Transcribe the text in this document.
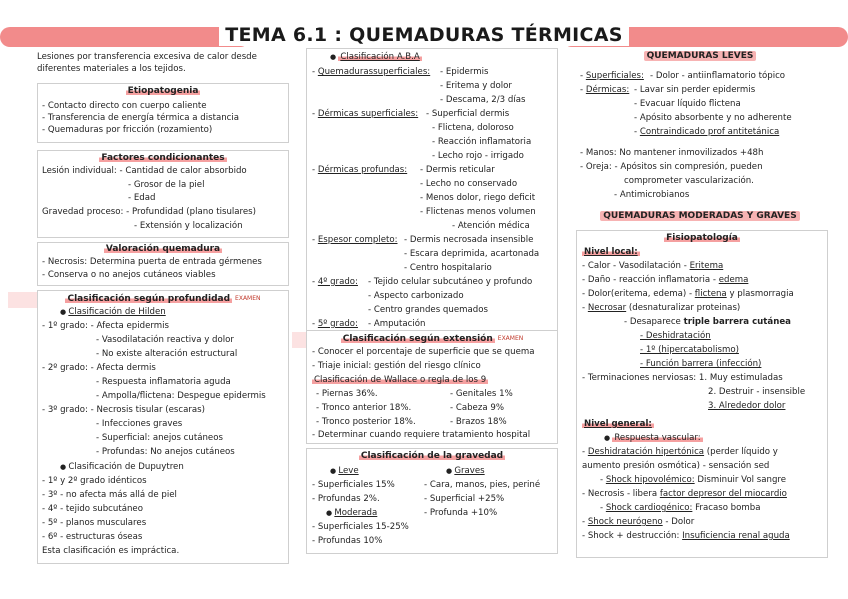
TEMA 6.1 : QUEMADURAS TÉRMICAS
Lesiones por transferencia excesiva de calor desde
diferentes materiales a los tejidos.
Etiopatogenia
- Contacto directo con cuerpo caliente
- Transferencia de energía térmica a distancia
- Quemaduras por fricción (rozamiento)
Factores condicionantes
Lesión individual: - Cantidad de calor absorbido
- Grosor de la piel
- Edad
Gravedad proceso: - Profundidad (plano tisulares)
- Extensión y localización
Valoración quemadura
- Necrosis: Determina puerta de entrada gérmenes
- Conserva o no anejos cutáneos viables
Clasificación según profundidad EXAMEN
● Clasificación de Hilden
- 1º grado: - Afecta epidermis
- Vasodilatación reactiva y dolor
- No existe alteración estructural
- 2º grado: - Afecta dermis
- Respuesta inflamatoria aguda
- Ampolla/flictena: Despegue epidermis
- 3º grado: - Necrosis tisular (escaras)
- Infecciones graves
- Superficial: anejos cutáneos
- Profundas: No anejos cutáneos
● Clasificación de Dupuytren
- 1º y 2º grado idénticos
- 3º - no afecta más allá de piel
- 4º - tejido subcutáneo
- 5º - planos musculares
- 6º - estructuras óseas
Esta clasificación es impráctica.
● Clasificación A.B.A
- Quemadurassuperficiales: - Epidermis
- Eritema y dolor
- Descama, 2/3 días
- Dérmicas superficiales: - Superficial dermis
- Flictena, doloroso
- Reacción inflamatoria
- Lecho rojo - irrigado
- Dérmicas profundas: - Dermis reticular
- Lecho no conservado
- Menos dolor, riego deficit
- Flictenas menos volumen
- Atención médica
- Espesor completo: - Dermis necrosada insensible
- Escara deprimida, acartonada
- Centro hospitalario
- 4º grado: - Tejido celular subcutáneo y profundo
- Aspecto carbonizado
- Centro grandes quemados
- 5º grado: - Amputación
Clasificación según extensión EXAMEN
- Conocer el porcentaje de superficie que se quema
- Triaje inicial: gestión del riesgo clínico
Clasificación de Wallace o regla de los 9
- Piernas 36%.
- Tronco anterior 18%.
- Tronco posterior 18%.
- Genitales 1%
- Cabeza 9%
- Brazos 18%
- Determinar cuando requiere tratamiento hospital
Clasificación de la gravedad
● Leve
●	Graves
- Superficiales 15%
- Profundas 2%.
- Cara, manos, pies, periné
- Superficial +25%
- Profunda +10%
● Moderada
- Superficiales 15-25%
- Profundas 10%
QUEMADURAS LEVES
- Superficiales: - Dolor - antiinflamatorio tópico
- Dérmicas: - Lavar sin perder epidermis
- Evacuar líquido flictena
- Apósito absorbente y no adherente
- Contraindicado prof antitetánica
- Manos: No mantener inmovilizados +48h
- Oreja: - Apósitos sin compresión, pueden
comprometer vascularización.
- Antimicrobianos
QUEMADURAS MODERADAS Y GRAVES
Fisiopatología
Nivel local:
- Calor - Vasodilatación - Eritema
- Daño - reacción inflamatoria - edema
- Dolor(eritema, edema) - flictena y plasmorragia
- Necrosar (desnaturalizar proteinas)
- Desaparece triple barrera cutánea
- Deshidratación
- 1º (hipercatabolismo)
- Función barrera (infección)
- Terminaciones nerviosas: 1. Muy estimuladas
2. Destruir - insensible
3. Alrededor dolor
Nivel general:
● Respuesta vascular:
- Deshidratación hipertónica (perder líquido y
aumento presión osmótica) - sensación sed
- Shock hipovolémico: Disminuir Vol sangre
- Necrosis - libera factor depresor del miocardio
- Shock cardiogénico: Fracaso bomba
- Shock neurógeno - Dolor
- Shock + destrucción: Insuficiencia renal aguda
